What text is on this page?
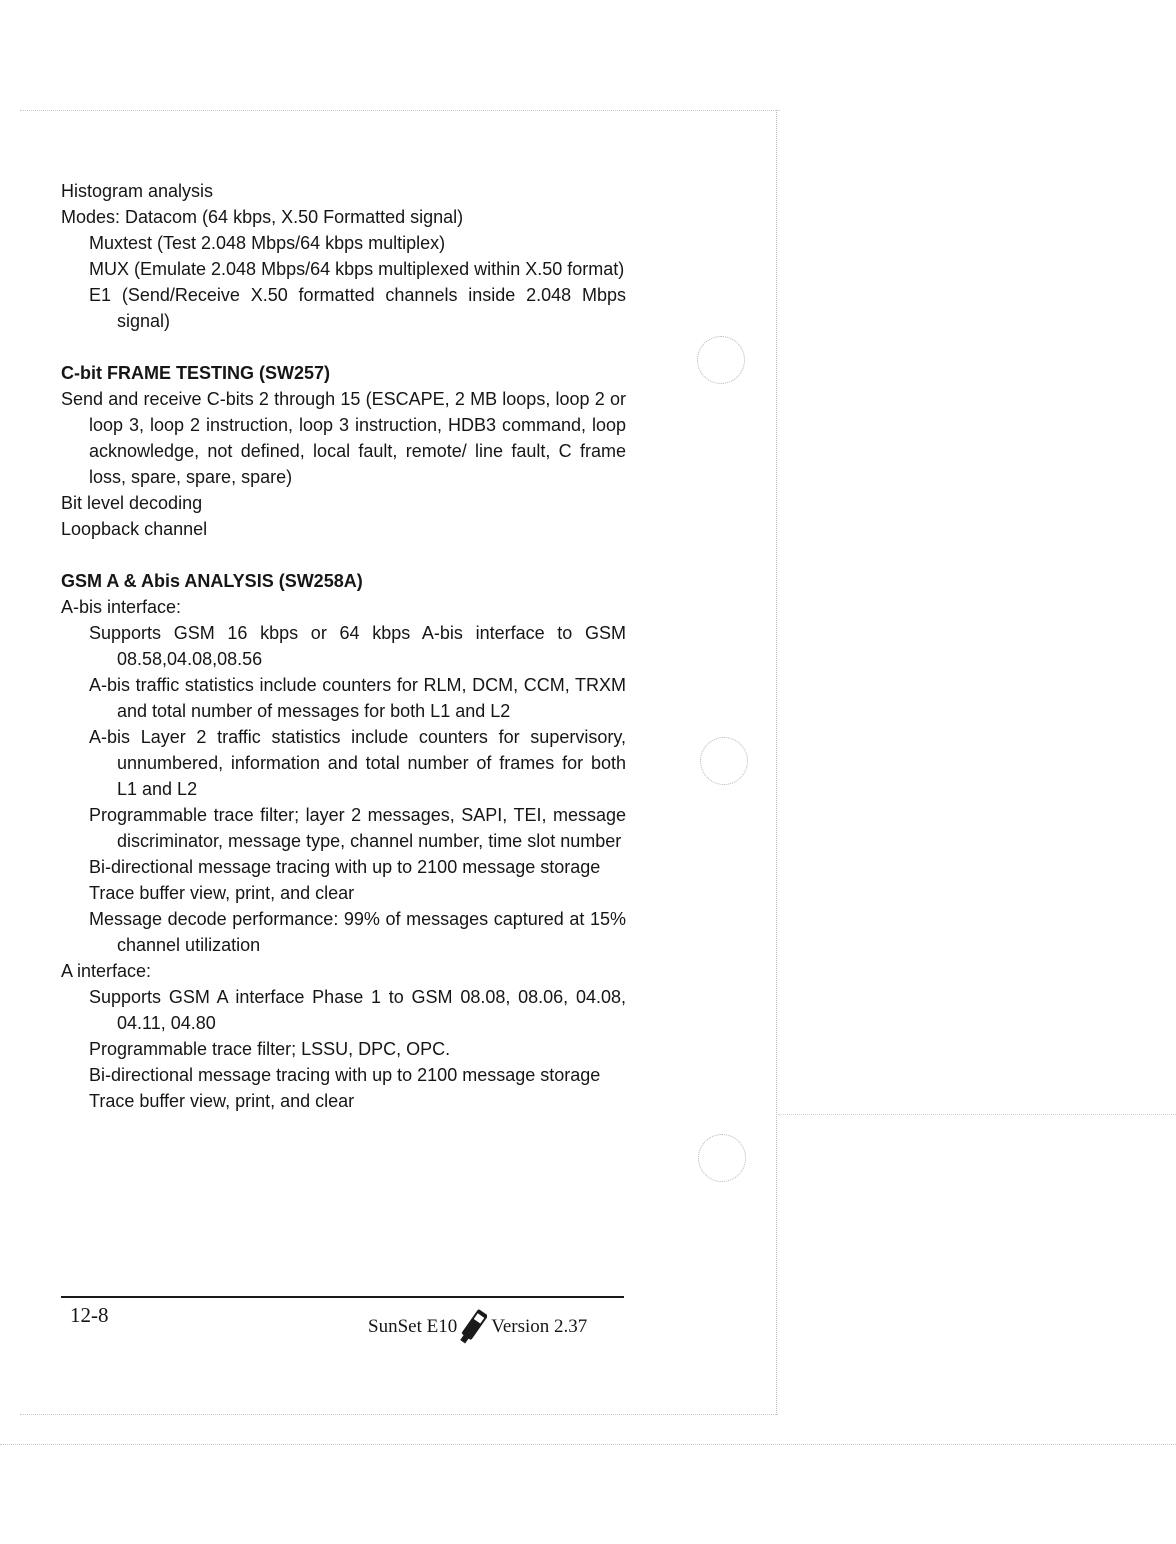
Histogram analysis

Modes: Datacom (64 kbps, X.50 Formatted signal)

Muxtest (Test 2.048 Mbps/64 kbps multiplex)

MUX (Emulate 2.048 Mbps/64 kbps multiplexed within X.50 format)

E1 (Send/Receive X.50 formatted channels inside 2.048 Mbps signal)

C-bit FRAME TESTING (SW257)

Send and receive C-bits 2 through 15 (ESCAPE, 2 MB loops, loop 2 or loop 3, loop 2 instruction, loop 3 instruction, HDB3 command, loop acknowledge, not defined, local fault, remote/ line fault, C frame loss, spare, spare, spare)

Bit level decoding

Loopback channel

GSM A & Abis ANALYSIS (SW258A)

A-bis interface:

Supports GSM 16 kbps or 64 kbps A-bis interface to GSM 08.58,04.08,08.56

A-bis traffic statistics include counters for RLM, DCM, CCM, TRXM and total number of messages for both L1 and L2

A-bis Layer 2 traffic statistics include counters for supervisory, unnumbered, information and total number of frames for both L1 and L2

Programmable trace filter; layer 2 messages, SAPI, TEI, message discriminator, message type, channel number, time slot number

Bi-directional message tracing with up to 2100 message storage

Trace buffer view, print, and clear

Message decode performance: 99% of messages captured at 15% channel utilization

A interface:

Supports GSM A interface Phase 1 to GSM 08.08, 08.06, 04.08, 04.11, 04.80

Programmable trace filter; LSSU, DPC, OPC.

Bi-directional message tracing with up to 2100 message storage

Trace buffer view, print, and clear

12-8	SunSet E10 Version 2.37
